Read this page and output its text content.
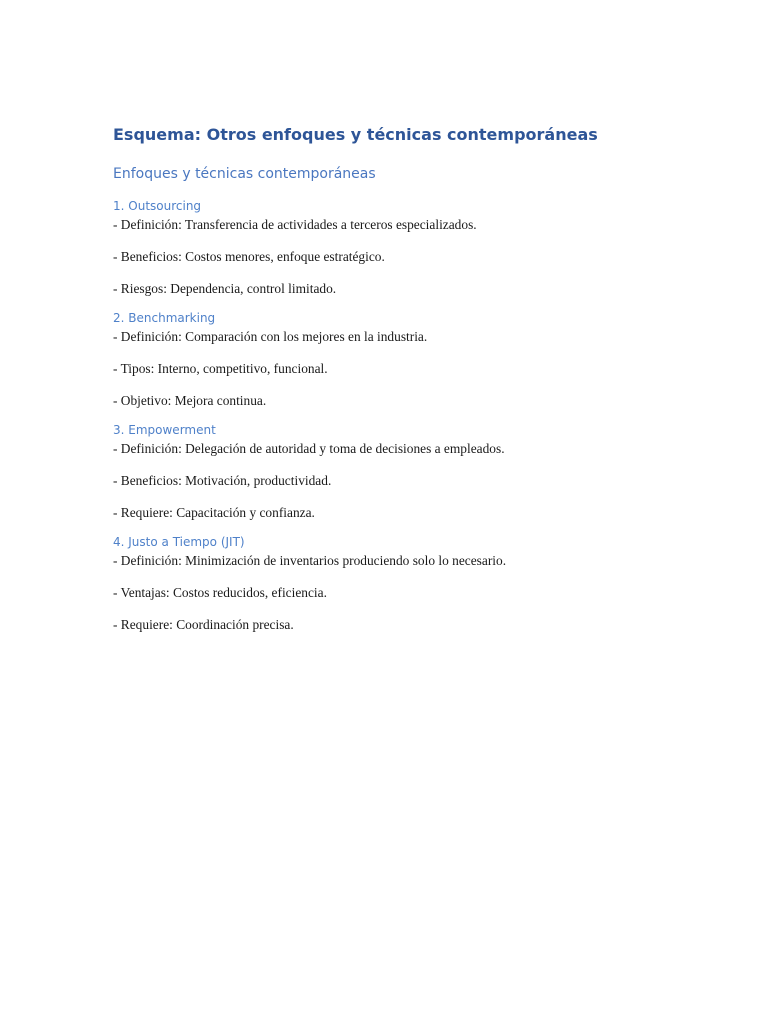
Esquema: Otros enfoques y técnicas contemporáneas
Enfoques y técnicas contemporáneas
1. Outsourcing

- Definición: Transferencia de actividades a terceros especializados.

- Beneficios: Costos menores, enfoque estratégico.

- Riesgos: Dependencia, control limitado.

2. Benchmarking

- Definición: Comparación con los mejores en la industria.

- Tipos: Interno, competitivo, funcional.

- Objetivo: Mejora continua.

3. Empowerment

- Definición: Delegación de autoridad y toma de decisiones a empleados.

- Beneficios: Motivación, productividad.

- Requiere: Capacitación y confianza.

4. Justo a Tiempo (JIT)

- Definición: Minimización de inventarios produciendo solo lo necesario.

- Ventajas: Costos reducidos, eficiencia.

- Requiere: Coordinación precisa.
